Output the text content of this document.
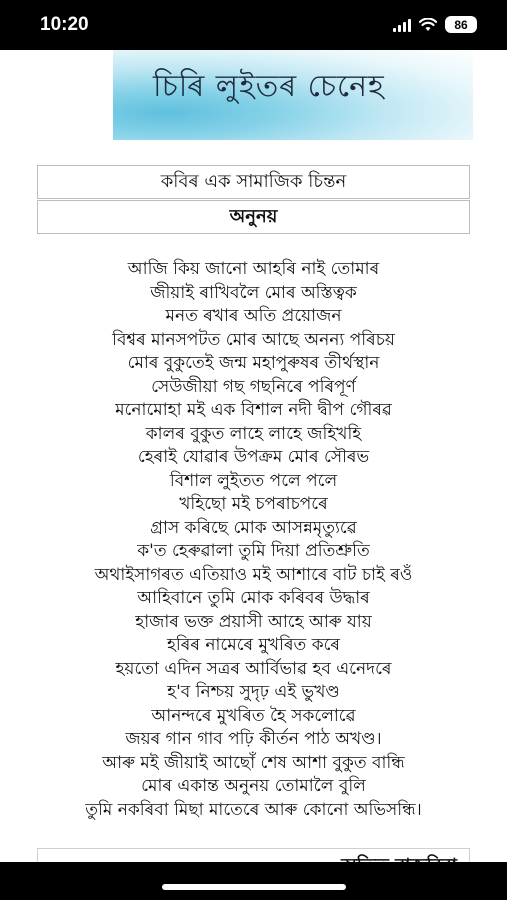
10:20	86
চিৰি লুইতৰ চেনেহ
কবিৰ এক সামাজিক চিন্তন
অনুনয়
আজি কিয় জানো আহৰি নাই তোমাৰ
জীয়াই ৰাখিবলৈ মোৰ অস্তিত্বক
মনত ৰখাৰ অতি প্ৰয়োজন
বিশ্বৰ মানসপটত মোৰ আছে অনন্য পৰিচয়
মোৰ বুকুতেই জন্ম মহাপুৰুষৰ তীৰ্থস্থান
সেউজীয়া গছ গছনিৰে পৰিপূৰ্ণ
মনোমোহা মই এক বিশাল নদী দ্বীপ গৌৰৱ
কালৰ বুকুত লাহে লাহে জহিখহি
হেৰাই যোৱাৰ উপক্ৰম মোৰ সৌৰভ
বিশাল লুইতত পলে পলে
খহিছো মই চপৰাচপৰে
গ্ৰাস কৰিছে মোক আসন্নমৃত্যুৱে
ক'ত হেৰুৱালা তুমি দিয়া প্ৰতিশ্ৰুতি
অথাইসাগৰত এতিয়াও মই আশাৰে বাট চাই ৰওঁ
আহিবানে তুমি মোক কৰিবৰ উদ্ধাৰ
হাজাৰ ভক্ত প্ৰয়াসী আহে আৰু যায়
হৰিৰ নামেৰে মুখৰিত কৰে
হয়তো এদিন সত্ৰৰ আৰ্বিভাৱ হব এনেদৰে
হ'ব নিশ্চয় সুদৃঢ় এই ভুখণ্ড
আনন্দৰে মুখৰিত হৈ সকলোৱে
জয়ৰ গান গাব পঢ়ি কীৰ্তন পাঠ অখণ্ড।
আৰু মই জীয়াই আছোঁ শেষ আশা বুকুত বান্ধি
মোৰ একান্ত অনুনয় তোমালৈ বুলি
তুমি নকৰিবা মিছা মাতেৰে আৰু কোনো অভিসন্ধি।
